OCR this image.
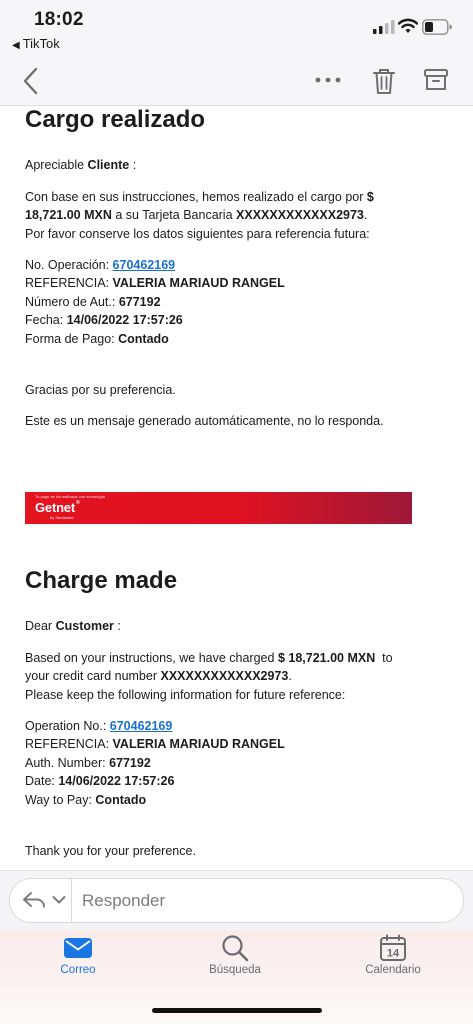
18:02
◀ TikTok
Cargo realizado
Apreciable Cliente :
Con base en sus instrucciones, hemos realizado el cargo por $
18,721.00 MXN a su Tarjeta Bancaria XXXXXXXXXXXX2973.
Por favor conserve los datos siguientes para referencia futura:
No. Operación: 670462169
REFERENCIA: VALERIA MARIAUD RANGEL
Número de Aut.: 677192
Fecha: 14/06/2022 17:57:26
Forma de Pago: Contado
Gracias por su preferencia.
Este es un mensaje generado automáticamente, no lo responda.
Tu pago se ha realizado con tecnología
Getnet®
by Santander
Charge made
Dear Customer :
Based on your instructions, we have charged $ 18,721.00 MXN  to
your credit card number XXXXXXXXXXXX2973.
Please keep the following information for future reference:
Operation No.: 670462169
REFERENCIA: VALERIA MARIAUD RANGEL
Auth. Number: 677192
Date: 14/06/2022 17:57:26
Way to Pay: Contado
Thank you for your preference.
Responder
Correo	Búsqueda
14
Calendario
